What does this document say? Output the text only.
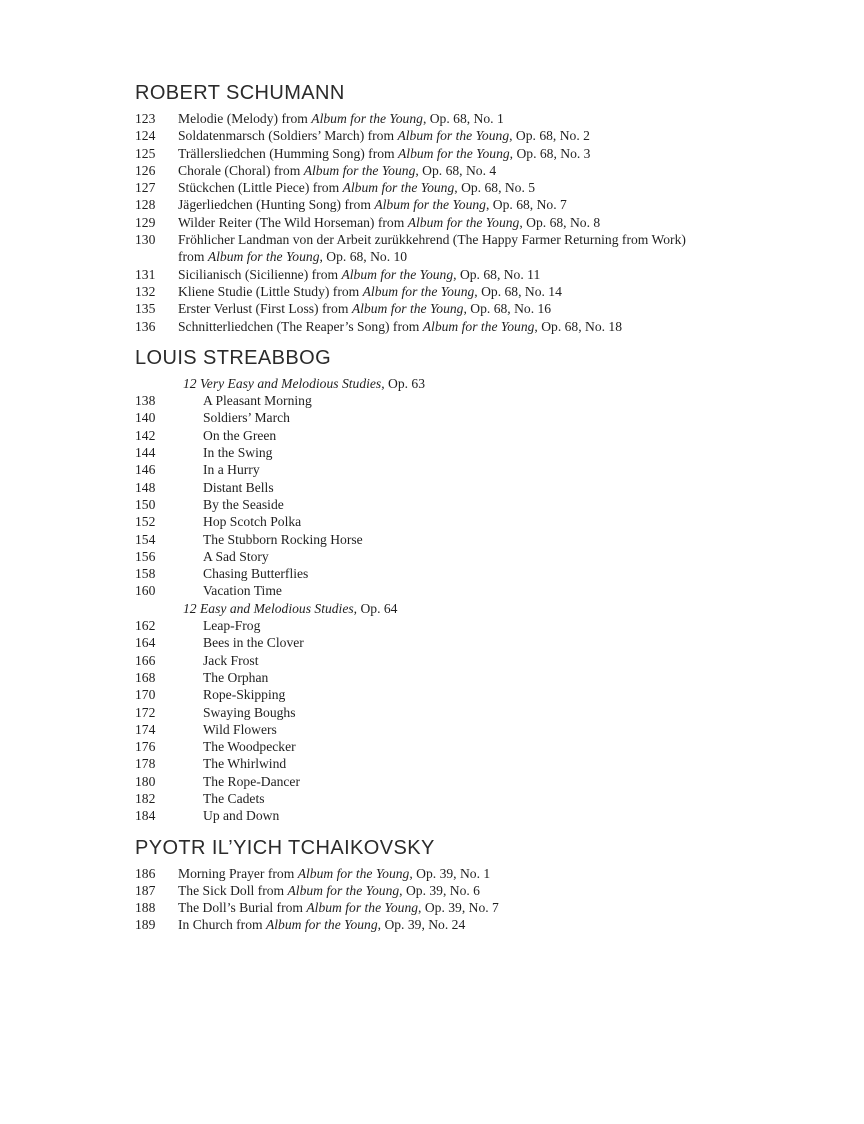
ROBERT SCHUMANN
123	Melodie (Melody) from Album for the Young, Op. 68, No. 1
124	Soldatenmarsch (Soldiers’ March) from Album for the Young, Op. 68, No. 2
125	Trällersliedchen (Humming Song) from Album for the Young, Op. 68, No. 3
126	Chorale (Choral) from Album for the Young, Op. 68, No. 4
127	Stückchen (Little Piece) from Album for the Young, Op. 68, No. 5
128	Jägerliedchen (Hunting Song) from Album for the Young, Op. 68, No. 7
129	Wilder Reiter (The Wild Horseman) from Album for the Young, Op. 68, No. 8
130	Fröhlicher Landman von der Arbeit zurükkehrend (The Happy Farmer Returning from Work)
from Album for the Young, Op. 68, No. 10
131	Sicilianisch (Sicilienne) from Album for the Young, Op. 68, No. 11
132	Kliene Studie (Little Study) from Album for the Young, Op. 68, No. 14
135	Erster Verlust (First Loss) from Album for the Young, Op. 68, No. 16
136	Schnitterliedchen (The Reaper’s Song) from Album for the Young, Op. 68, No. 18
LOUIS STREABBOG
12 Very Easy and Melodious Studies, Op. 63
138	A Pleasant Morning
140	Soldiers’ March
142	On the Green
144	In the Swing
146	In a Hurry
148	Distant Bells
150	By the Seaside
152	Hop Scotch Polka
154	The Stubborn Rocking Horse
156	A Sad Story
158	Chasing Butterflies
160	Vacation Time
12 Easy and Melodious Studies, Op. 64
162	Leap-Frog
164	Bees in the Clover
166	Jack Frost
168	The Orphan
170	Rope-Skipping
172	Swaying Boughs
174	Wild Flowers
176	The Woodpecker
178	The Whirlwind
180	The Rope-Dancer
182	The Cadets
184	Up and Down
PYOTR IL’YICH TCHAIKOVSKY
186	Morning Prayer from Album for the Young, Op. 39, No. 1
187	The Sick Doll from Album for the Young, Op. 39, No. 6
188	The Doll’s Burial from Album for the Young, Op. 39, No. 7
189	In Church from Album for the Young, Op. 39, No. 24
